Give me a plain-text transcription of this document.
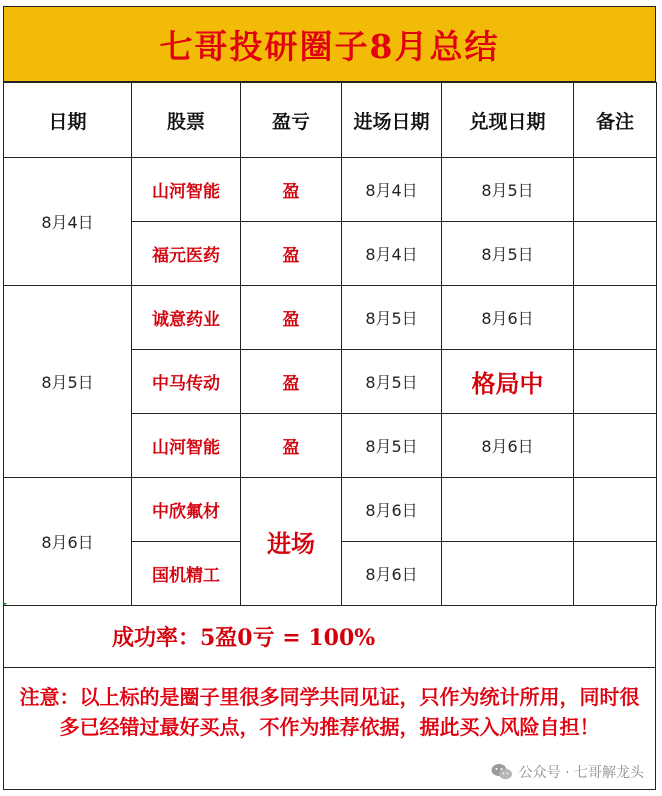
七哥投研圈子8月总结
日期	股票	盈亏	进场日期	兑现日期	备注
8月4日	山河智能	盈	8月4日	8月5日	
	福元医药	盈	8月4日	8月5日	
8月5日	诚意药业	盈	8月5日	8月6日	
	中马传动	盈	8月5日	格局中	
	山河智能	盈	8月5日	8月6日	
8月6日	中欣氟材	进场	8月6日		
	国机精工		8月6日		
成功率：5盈0亏 = 100%
注意：以上标的是圈子里很多同学共同见证，只作为统计所用，同时很多已经错过最好买点，不作为推荐依据，据此买入风险自担！
公众号 · 七哥解龙头
